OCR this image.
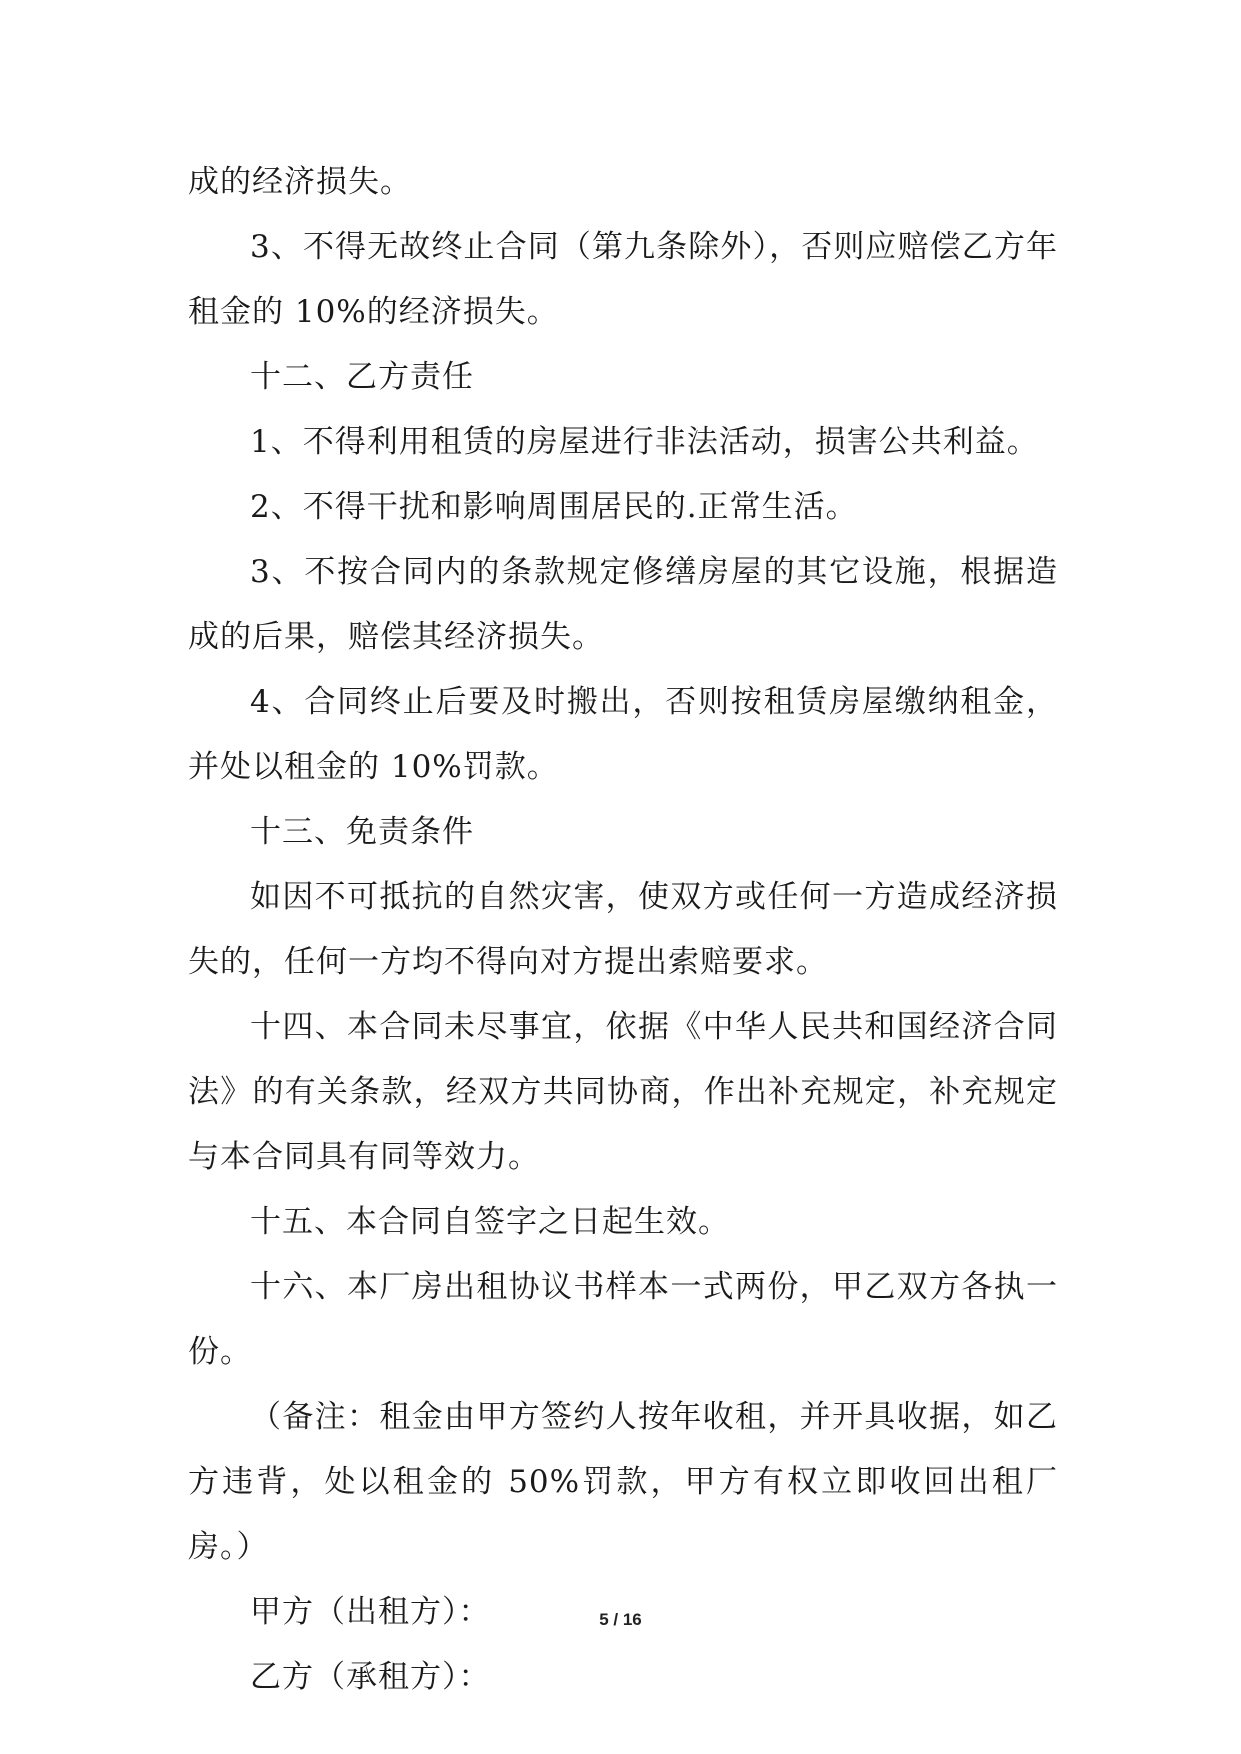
成的经济损失。

3、不得无故终止合同（第九条除外），否则应赔偿乙方年租金的 10%的经济损失。

十二、乙方责任

1、不得利用租赁的房屋进行非法活动，损害公共利益。

2、不得干扰和影响周围居民的.正常生活。

3、不按合同内的条款规定修缮房屋的其它设施，根据造成的后果，赔偿其经济损失。

4、合同终止后要及时搬出，否则按租赁房屋缴纳租金，并处以租金的 10%罚款。

十三、免责条件

如因不可抵抗的自然灾害，使双方或任何一方造成经济损失的，任何一方均不得向对方提出索赔要求。

十四、本合同未尽事宜，依据《中华人民共和国经济合同法》的有关条款，经双方共同协商，作出补充规定，补充规定与本合同具有同等效力。

十五、本合同自签字之日起生效。

十六、本厂房出租协议书样本一式两份，甲乙双方各执一份。

（备注：租金由甲方签约人按年收租，并开具收据，如乙方违背，处以租金的 50%罚款，甲方有权立即收回出租厂房。）

甲方（出租方）：

乙方（承租方）：

5 / 16
